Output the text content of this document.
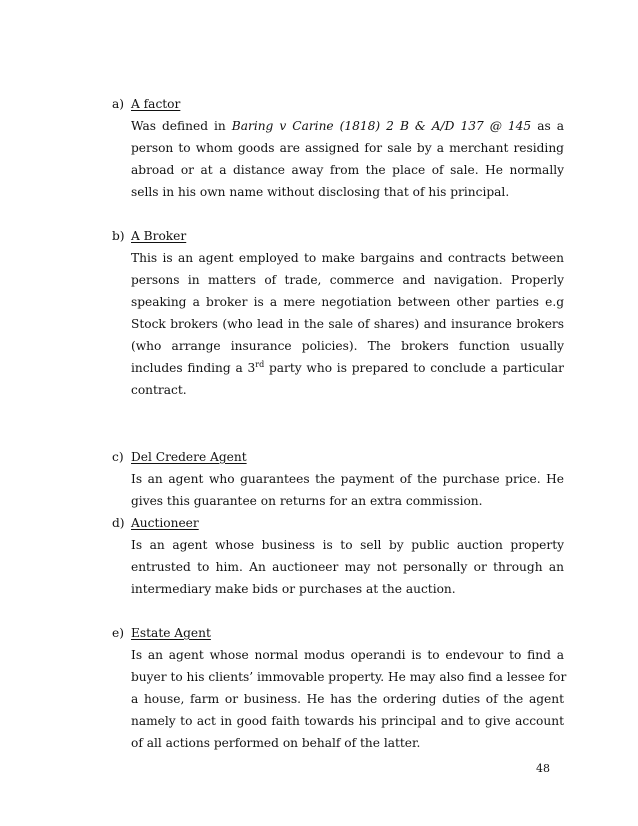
a) A factor
Was defined in Baring v Carine (1818) 2 B & A/D 137 @ 145 as a
person to whom goods are assigned for sale by a merchant residing
abroad or at a distance away from the place of sale. He normally
sells in his own name without disclosing that of his principal.
b) A Broker
This is an agent employed to make bargains and contracts between
persons in matters of trade, commerce and navigation. Properly
speaking a broker is a mere negotiation between other parties e.g
Stock brokers (who lead in the sale of shares) and insurance brokers
(who arrange insurance policies). The brokers function usually
includes finding a 3rd party who is prepared to conclude a particular
contract.
c) Del Credere Agent
Is an agent who guarantees the payment of the purchase price. He
gives this guarantee on returns for an extra commission.
d) Auctioneer
Is an agent whose business is to sell by public auction property
entrusted to him. An auctioneer may not personally or through an
intermediary make bids or purchases at the auction.
e) Estate Agent
Is an agent whose normal modus operandi is to endevour to find a
buyer to his clients’ immovable property. He may also find a lessee for
a house, farm or business. He has the ordering duties of the agent
namely to act in good faith towards his principal and to give account
of all actions performed on behalf of the latter.
48
